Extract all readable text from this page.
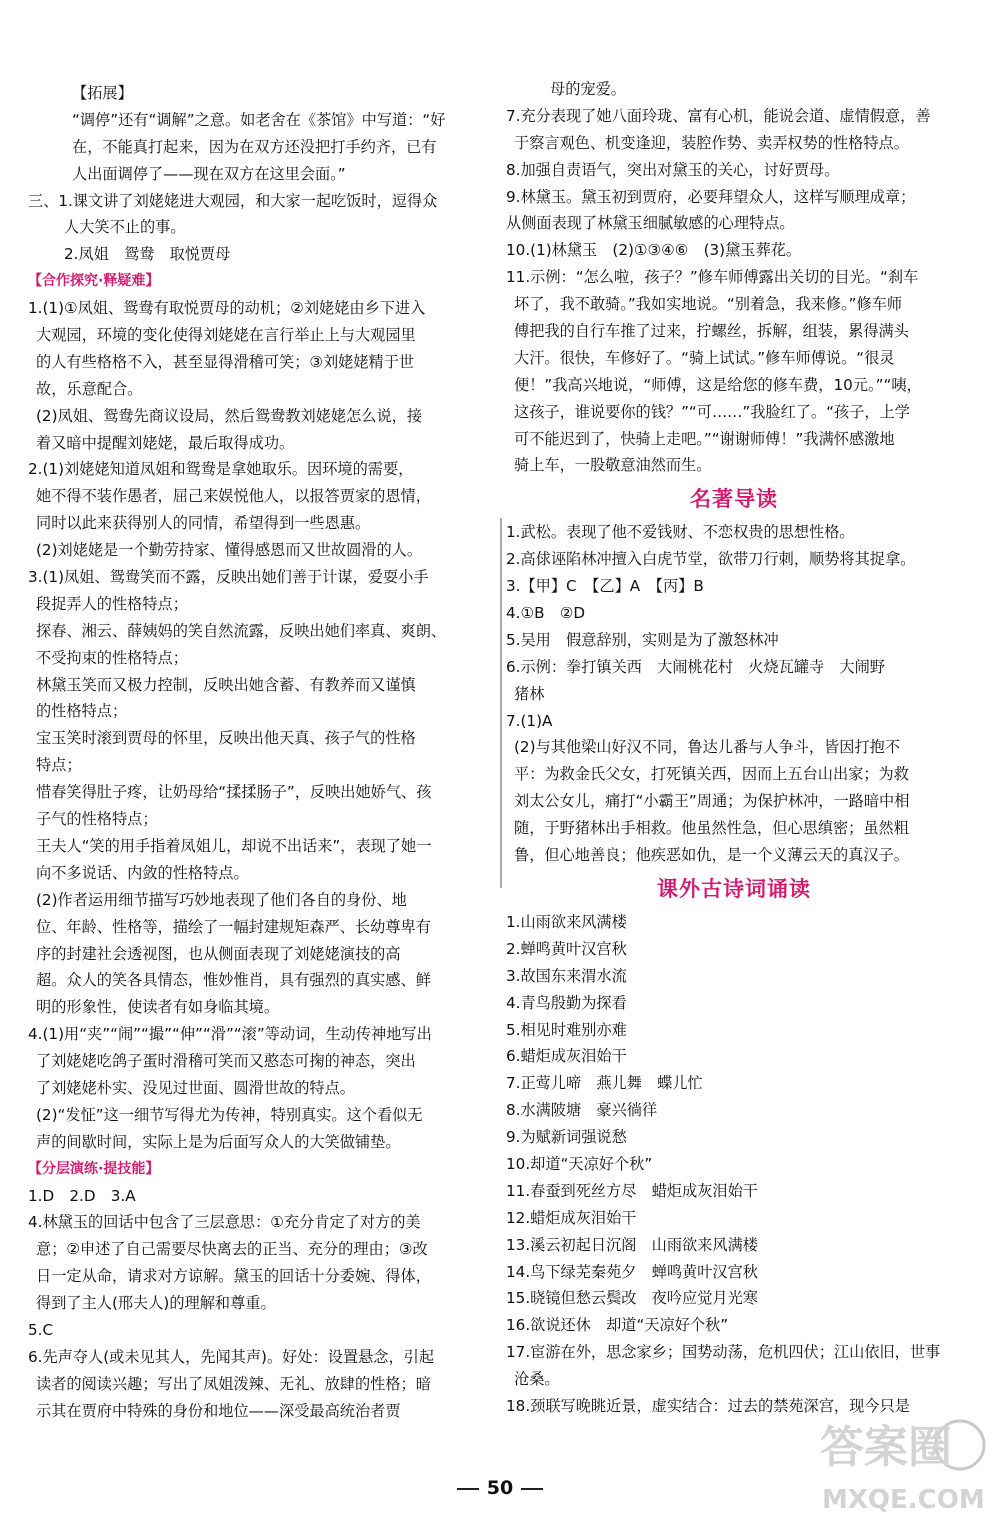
【拓展】
“调停”还有“调解”之意。如老舍在《茶馆》中写道：“好
在，不能真打起来，因为在双方还没把打手约齐，已有
人出面调停了——现在双方在这里会面。”
三、1.课文讲了刘姥姥进大观园，和大家一起吃饭时，逗得众
人大笑不止的事。
2.凤姐　鸳鸯　取悦贾母
【合作探究·释疑难】
1.(1)①凤姐、鸳鸯有取悦贾母的动机；②刘姥姥由乡下进入
大观园，环境的变化使得刘姥姥在言行举止上与大观园里
的人有些格格不入，甚至显得滑稽可笑；③刘姥姥精于世
故，乐意配合。
(2)凤姐、鸳鸯先商议设局，然后鸳鸯教刘姥姥怎么说，接
着又暗中提醒刘姥姥，最后取得成功。
2.(1)刘姥姥知道凤姐和鸳鸯是拿她取乐。因环境的需要，
她不得不装作愚者，屈己来娱悦他人，以报答贾家的恩情，
同时以此来获得别人的同情，希望得到一些恩惠。
(2)刘姥姥是一个勤劳持家、懂得感恩而又世故圆滑的人。
3.(1)凤姐、鸳鸯笑而不露，反映出她们善于计谋，爱耍小手
段捉弄人的性格特点；
探春、湘云、薛姨妈的笑自然流露，反映出她们率真、爽朗、
不受拘束的性格特点；
林黛玉笑而又极力控制，反映出她含蓄、有教养而又谨慎
的性格特点；
宝玉笑时滚到贾母的怀里，反映出他天真、孩子气的性格
特点；
惜春笑得肚子疼，让奶母给“揉揉肠子”，反映出她娇气、孩
子气的性格特点；
王夫人“笑的用手指着凤姐儿，却说不出话来”，表现了她一
向不多说话、内敛的性格特点。
(2)作者运用细节描写巧妙地表现了他们各自的身份、地
位、年龄、性格等，描绘了一幅封建规矩森严、长幼尊卑有
序的封建社会透视图，也从侧面表现了刘姥姥演技的高
超。众人的笑各具情态，惟妙惟肖，具有强烈的真实感、鲜
明的形象性，使读者有如身临其境。
4.(1)用“夹”“闹”“撮”“伸”“滑”“滚”等动词，生动传神地写出
了刘姥姥吃鸽子蛋时滑稽可笑而又憨态可掬的神态，突出
了刘姥姥朴实、没见过世面、圆滑世故的特点。
(2)“发怔”这一细节写得尤为传神，特别真实。这个看似无
声的间歇时间，实际上是为后面写众人的大笑做铺垫。
【分层演练·提技能】
1.D　2.D　3.A
4.林黛玉的回话中包含了三层意思：①充分肯定了对方的美
意；②申述了自己需要尽快离去的正当、充分的理由；③改
日一定从命，请求对方谅解。黛玉的回话十分委婉、得体，
得到了主人(邢夫人)的理解和尊重。
5.C
6.先声夺人(或未见其人，先闻其声)。好处：设置悬念，引起
读者的阅读兴趣；写出了凤姐泼辣、无礼、放肆的性格；暗
示其在贾府中特殊的身份和地位——深受最高统治者贾
母的宠爱。
7.充分表现了她八面玲珑、富有心机，能说会道、虚情假意，善
于察言观色、机变逢迎，装腔作势、卖弄权势的性格特点。
8.加强自责语气，突出对黛玉的关心，讨好贾母。
9.林黛玉。黛玉初到贾府，必要拜望众人，这样写顺理成章；
从侧面表现了林黛玉细腻敏感的心理特点。
10.(1)林黛玉　(2)①③④⑥　(3)黛玉葬花。
11.示例：“怎么啦，孩子？”修车师傅露出关切的目光。“刹车
坏了，我不敢骑。”我如实地说。“别着急，我来修。”修车师
傅把我的自行车推了过来，拧螺丝，拆解，组装，累得满头
大汗。很快，车修好了。“骑上试试。”修车师傅说。“很灵
便！”我高兴地说，“师傅，这是给您的修车费，10元。”“咦，
这孩子，谁说要你的钱？”“可……”我脸红了。“孩子，上学
可不能迟到了，快骑上走吧。”“谢谢师傅！”我满怀感激地
骑上车，一股敬意油然而生。
名著导读
1.武松。表现了他不爱钱财、不恋权贵的思想性格。
2.高俅诬陷林冲擅入白虎节堂，欲带刀行刺，顺势将其捉拿。
3.【甲】C　【乙】A　【丙】B
4.①B　②D
5.吴用　假意辞别，实则是为了激怒林冲
6.示例：拳打镇关西　大闹桃花村　火烧瓦罐寺　大闹野
猪林
7.(1)A
(2)与其他梁山好汉不同，鲁达儿番与人争斗，皆因打抱不
平：为救金氏父女，打死镇关西，因而上五台山出家；为救
刘太公女儿，痛打“小霸王”周通；为保护林冲，一路暗中相
随，于野猪林出手相救。他虽然性急，但心思缜密；虽然粗
鲁，但心地善良；他疾恶如仇，是一个义薄云天的真汉子。
课外古诗词诵读
1.山雨欲来风满楼
2.蝉鸣黄叶汉宫秋
3.故国东来渭水流
4.青鸟殷勤为探看
5.相见时难别亦难
6.蜡炬成灰泪始干
7.正莺儿啼　燕儿舞　蝶儿忙
8.水满陂塘　豪兴徜徉
9.为赋新词强说愁
10.却道“天凉好个秋”
11.春蚕到死丝方尽　蜡炬成灰泪始干
12.蜡炬成灰泪始干
13.溪云初起日沉阁　山雨欲来风满楼
14.鸟下绿芜秦苑夕　蝉鸣黄叶汉宫秋
15.晓镜但愁云鬓改　夜吟应觉月光寒
16.欲说还休　却道“天凉好个秋”
17.宦游在外，思念家乡；国势动荡，危机四伏；江山依旧，世事
沧桑。
18.颈联写晚眺近景，虚实结合：过去的禁苑深宫，现今只是
50
答案圈
MXQE.COM
